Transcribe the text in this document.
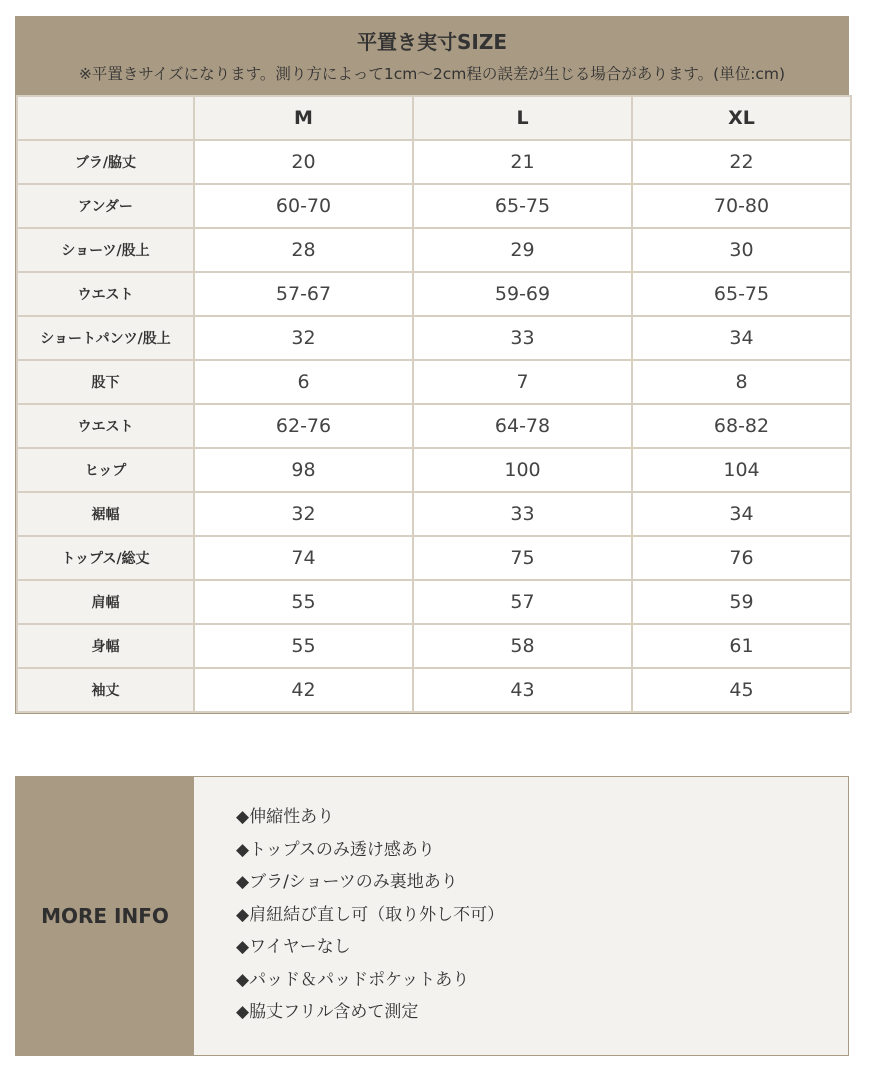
平置き実寸SIZE
※平置きサイズになります。測り方によって1cm〜2cm程の誤差が生じる場合があります。(単位:cm)
	M	L	XL
ブラ/脇丈	20	21	22
アンダー	60-70	65-75	70-80
ショーツ/股上	28	29	30
ウエスト	57-67	59-69	65-75
ショートパンツ/股上	32	33	34
股下	6	7	8
ウエスト	62-76	64-78	68-82
ヒップ	98	100	104
裾幅	32	33	34
トップス/総丈	74	75	76
肩幅	55	57	59
身幅	55	58	61
袖丈	42	43	45
MORE INFO
◆伸縮性あり
◆トップスのみ透け感あり
◆ブラ/ショーツのみ裏地あり
◆肩紐結び直し可（取り外し不可）
◆ワイヤーなし
◆パッド＆パッドポケットあり
◆脇丈フリル含めて測定
